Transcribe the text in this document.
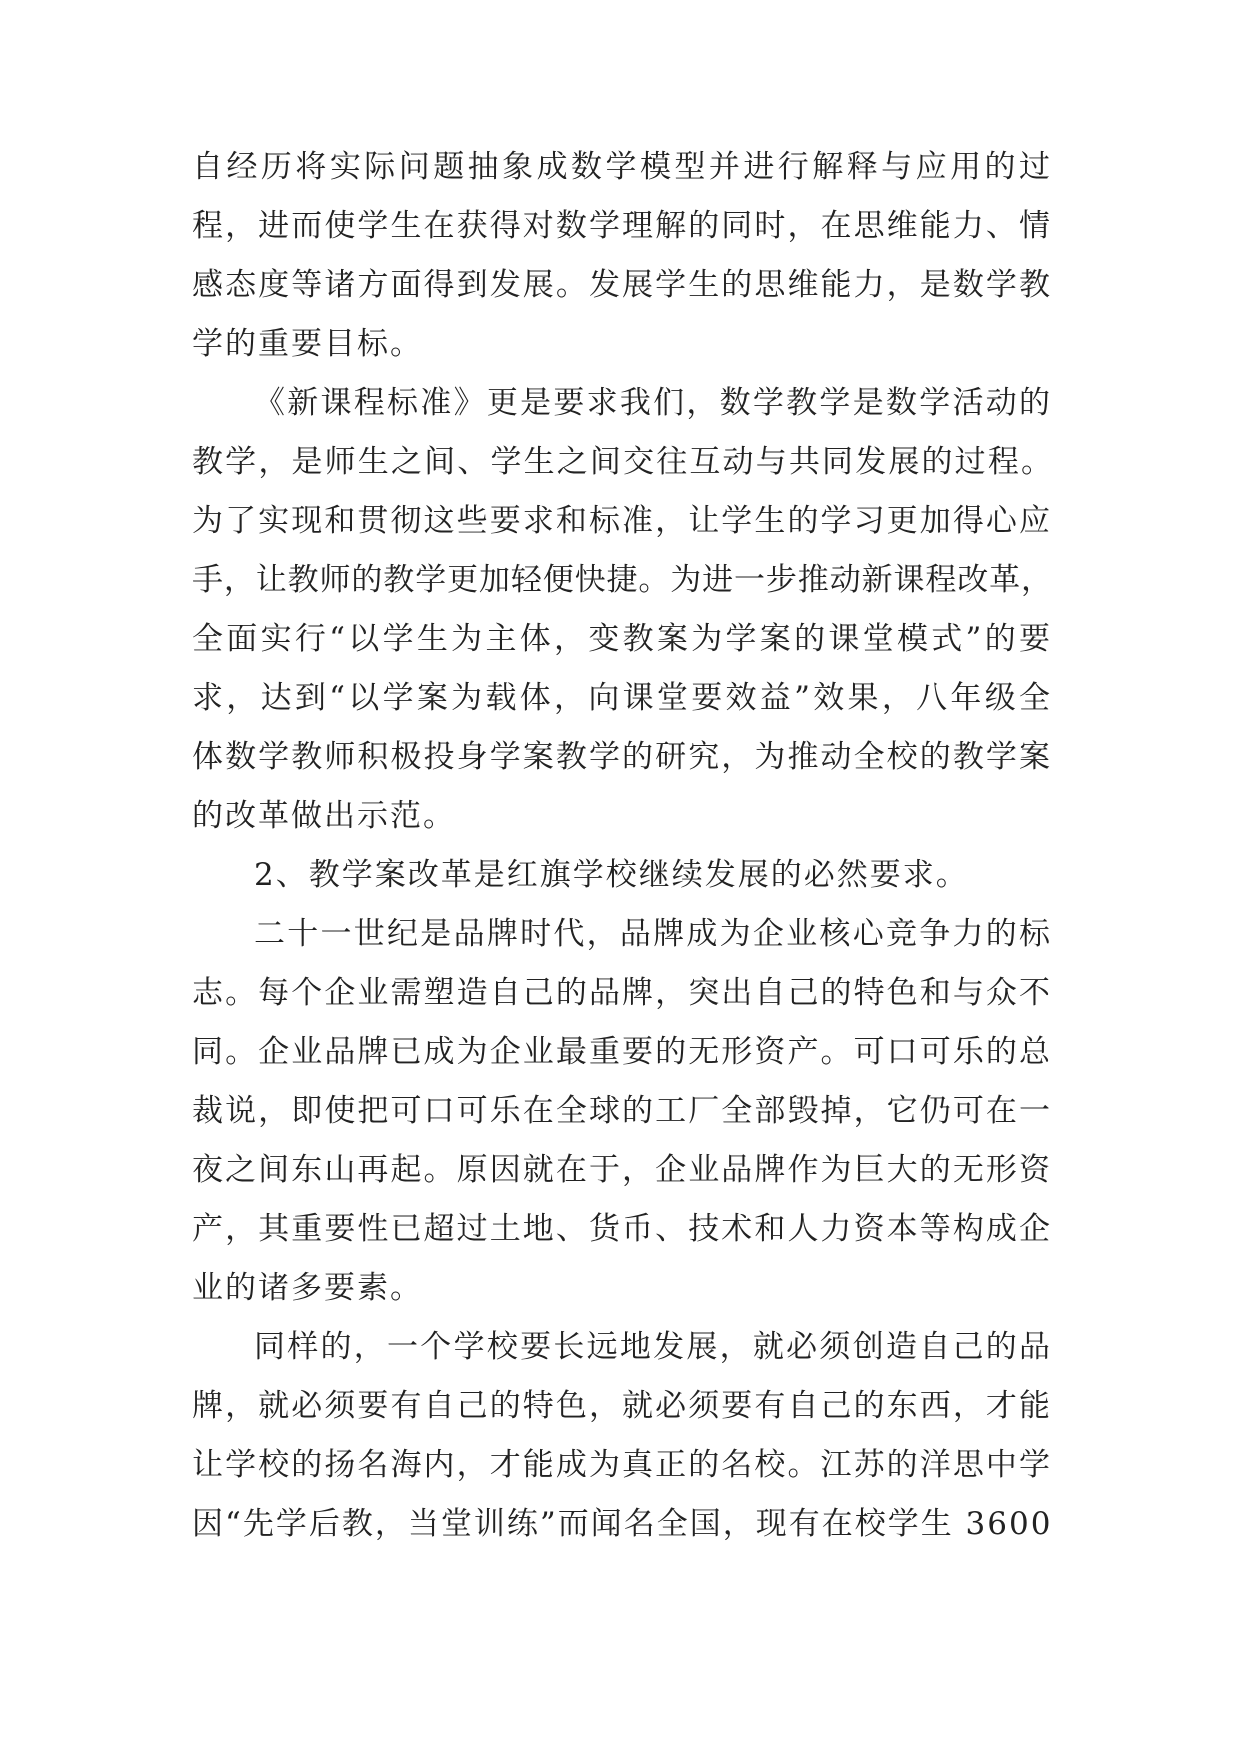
自经历将实际问题抽象成数学模型并进行解释与应用的过
程，进而使学生在获得对数学理解的同时，在思维能力、情
感态度等诸方面得到发展。发展学生的思维能力，是数学教
学的重要目标。
《新课程标准》更是要求我们，数学教学是数学活动的
教学，是师生之间、学生之间交往互动与共同发展的过程。
为了实现和贯彻这些要求和标准，让学生的学习更加得心应
手，让教师的教学更加轻便快捷。为进一步推动新课程改革，
全面实行“以学生为主体，变教案为学案的课堂模式”的要
求，达到“以学案为载体，向课堂要效益”效果，八年级全
体数学教师积极投身学案教学的研究，为推动全校的教学案
的改革做出示范。
2、教学案改革是红旗学校继续发展的必然要求。
二十一世纪是品牌时代，品牌成为企业核心竞争力的标
志。每个企业需塑造自己的品牌，突出自己的特色和与众不
同。企业品牌已成为企业最重要的无形资产。可口可乐的总
裁说，即使把可口可乐在全球的工厂全部毁掉，它仍可在一
夜之间东山再起。原因就在于，企业品牌作为巨大的无形资
产，其重要性已超过土地、货币、技术和人力资本等构成企
业的诸多要素。
同样的，一个学校要长远地发展，就必须创造自己的品
牌，就必须要有自己的特色，就必须要有自己的东西，才能
让学校的扬名海内，才能成为真正的名校。江苏的洋思中学
因“先学后教，当堂训练”而闻名全国，现有在校学生 3600
